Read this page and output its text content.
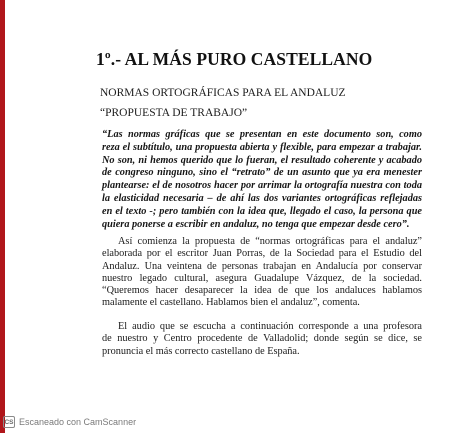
1º.- AL MÁS PURO CASTELLANO
NORMAS ORTOGRÁFICAS PARA EL ANDALUZ
“PROPUESTA DE TRABAJO”
“Las normas gráficas que se presentan en este documento son, como
reza el subtítulo, una propuesta abierta y flexible, para empezar a trabajar.
No son, ni hemos querido que lo fueran, el resultado coherente y acabado
de congreso ninguno, sino el “retrato” de un asunto que ya era menester
plantearse: el de nosotros hacer por arrimar la ortografía nuestra con toda
la elasticidad necesaria – de ahí las dos variantes ortográficas reflejadas
en el texto -; pero también con la idea que, llegado el caso, la persona que
quiera ponerse a escribir en andaluz, no tenga que empezar desde cero”.
Así comienza la propuesta de “normas ortográficas para el andaluz”
elaborada por el escritor Juan Porras, de la Sociedad para el Estudio del
Andaluz. Una veintena de personas trabajan en Andalucía por conservar
nuestro legado cultural, asegura Guadalupe Vázquez, de la sociedad.
“Queremos hacer desaparecer la idea de que los andaluces hablamos
malamente el castellano. Hablamos bien el andaluz”, comenta.
El audio que se escucha a continuación corresponde a una profesora
de nuestro y Centro procedente de Valladolid; donde según se dice, se
pronuncia el más correcto castellano de España.
CS Escaneado con CamScanner
